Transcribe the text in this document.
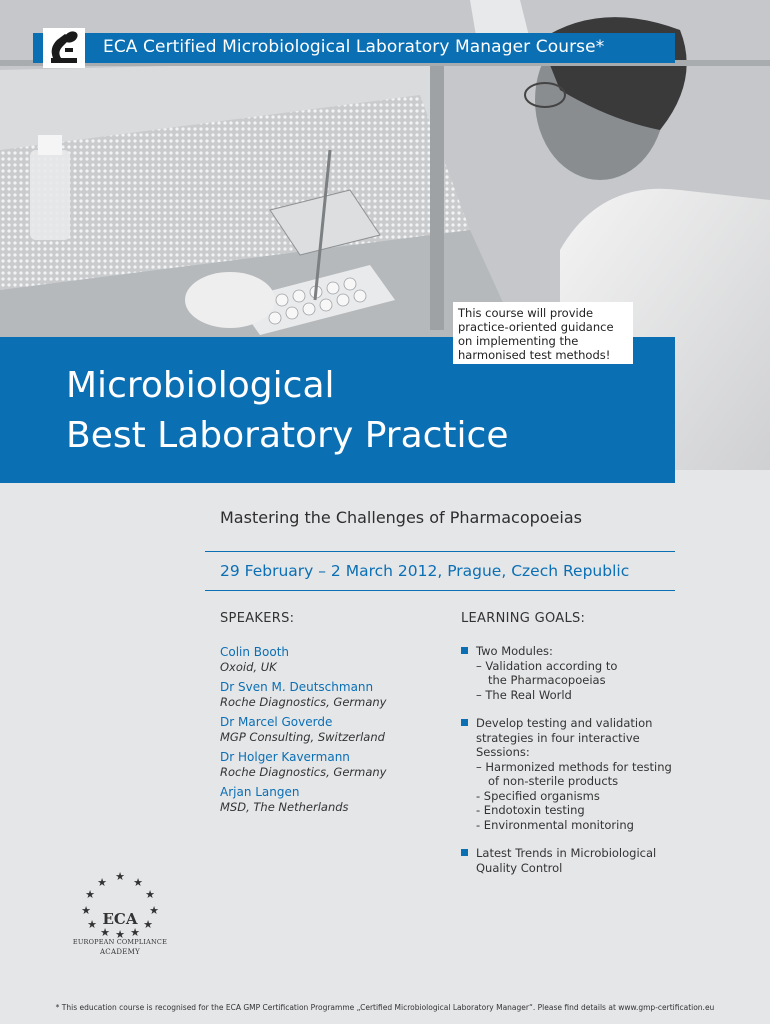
ECA Certified Microbiological Laboratory Manager Course*
This course will provide practice-oriented guidance on implementing the harmonised test methods!
Microbiological
Best Laboratory Practice
Mastering the Challenges of Pharmacopoeias
29 February – 2 March 2012, Prague, Czech Republic
SPEAKERS:
Colin Booth
Oxoid, UK
Dr Sven M. Deutschmann
Roche Diagnostics, Germany
Dr Marcel Goverde
MGP Consulting, Switzerland
Dr Holger Kavermann
Roche Diagnostics, Germany
Arjan Langen
MSD, The Netherlands
LEARNING GOALS:
Two Modules:
– Validation according to
the Pharmacopoeias
– The Real World
Develop testing and validation strategies in four interactive Sessions:
– Harmonized methods for testing
of non-sterile products
- Specified organisms
- Endotoxin testing
- Environmental monitoring
Latest Trends in Microbiological Quality Control
★
★ ★
★	★
★	★
★	★
★ ★
★
ECA
EUROPEAN COMPLIANCE
ACADEMY
* This education course is recognised for the ECA GMP Certification Programme „Certified Microbiological Laboratory Manager“. Please find details at www.gmp-certification.eu
